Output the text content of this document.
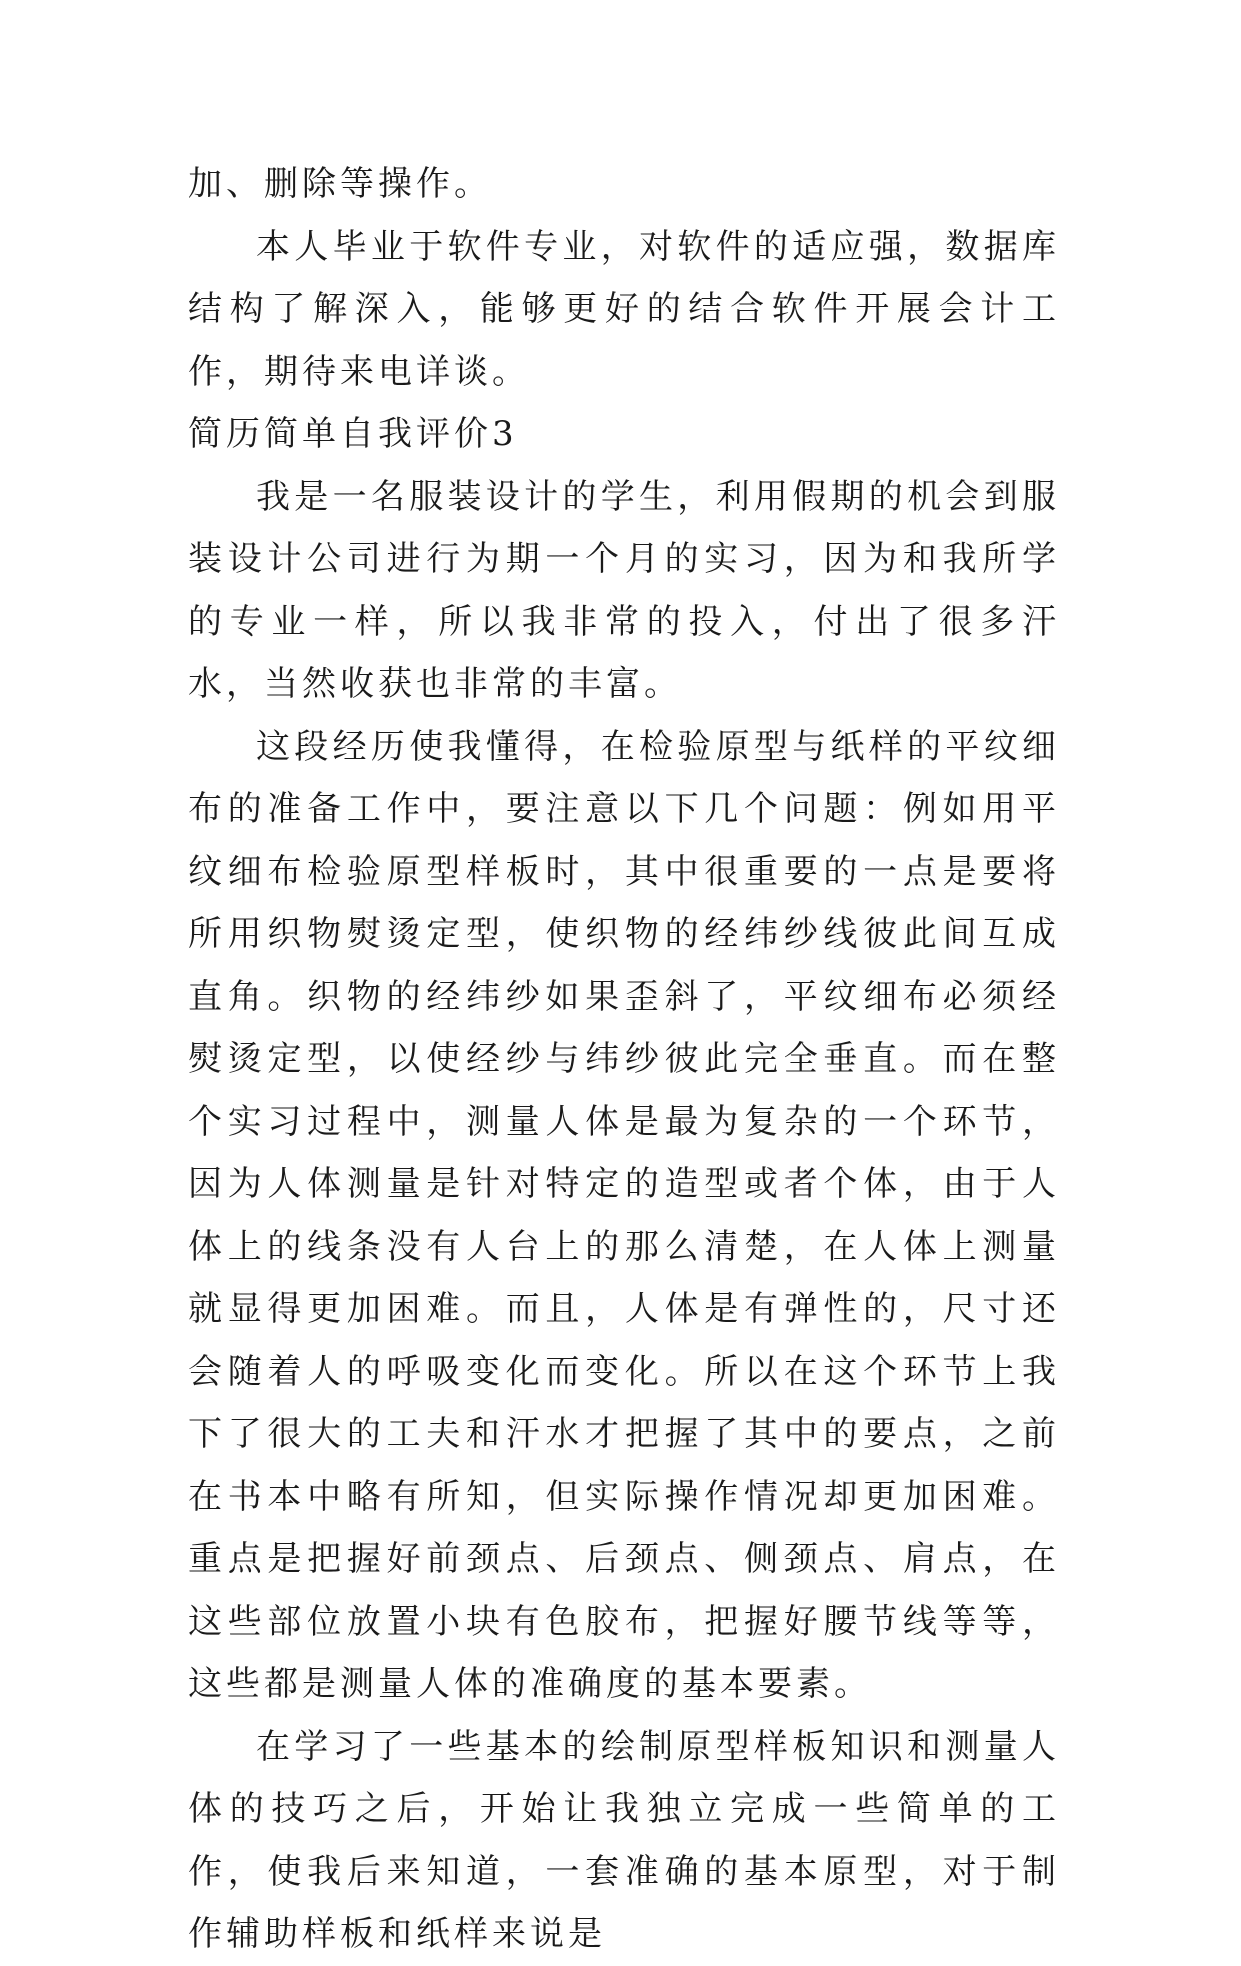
加、删除等操作。

本人毕业于软件专业，对软件的适应强，数据库结构了解深入，能够更好的结合软件开展会计工作，期待来电详谈。

简历简单自我评价3

我是一名服装设计的学生，利用假期的机会到服装设计公司进行为期一个月的实习，因为和我所学的专业一样，所以我非常的投入，付出了很多汗水，当然收获也非常的丰富。

这段经历使我懂得，在检验原型与纸样的平纹细布的准备工作中，要注意以下几个问题：例如用平纹细布检验原型样板时，其中很重要的一点是要将所用织物熨烫定型，使织物的经纬纱线彼此间互成直角。织物的经纬纱如果歪斜了，平纹细布必须经熨烫定型，以使经纱与纬纱彼此完全垂直。而在整个实习过程中，测量人体是最为复杂的一个环节，因为人体测量是针对特定的造型或者个体，由于人体上的线条没有人台上的那么清楚，在人体上测量就显得更加困难。而且，人体是有弹性的，尺寸还会随着人的呼吸变化而变化。所以在这个环节上我下了很大的工夫和汗水才把握了其中的要点，之前在书本中略有所知，但实际操作情况却更加困难。重点是把握好前颈点、后颈点、侧颈点、肩点，在这些部位放置小块有色胶布，把握好腰节线等等，这些都是测量人体的准确度的基本要素。

在学习了一些基本的绘制原型样板知识和测量人体的技巧之后，开始让我独立完成一些简单的工作，使我后来知道，一套准确的基本原型，对于制作辅助样板和纸样来说是
